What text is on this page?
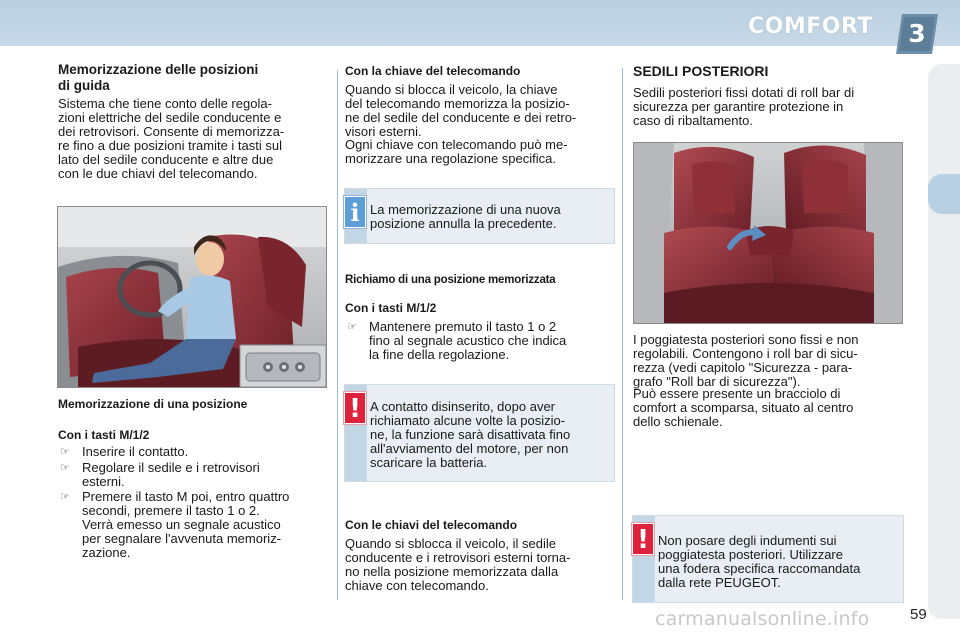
COMFORT	3
Memorizzazione delle posizioni
di guida
Sistema che tiene conto delle regola-
zioni elettriche del sedile conducente e
dei retrovisori. Consente di memorizza-
re fino a due posizioni tramite i tasti sul
lato del sedile conducente e altre due
con le due chiavi del telecomando.
Memorizzazione di una posizione
Con i tasti M/1/2
☞ Inserire il contatto.
☞ Regolare il sedile e i retrovisori
esterni.
☞ Premere il tasto M poi, entro quattro
secondi, premere il tasto 1 o 2.
Verrà emesso un segnale acustico
per segnalare l'avvenuta memoriz-
zazione.
Con la chiave del telecomando
Quando si blocca il veicolo, la chiave
del telecomando memorizza la posizio-
ne del sedile del conducente e dei retro-
visori esterni.
Ogni chiave con telecomando può me-
morizzare una regolazione specifica.
i La memorizzazione di una nuova
posizione annulla la precedente.
Richiamo di una posizione memorizzata
Con i tasti M/1/2
☞ Mantenere premuto il tasto 1 o 2
fino al segnale acustico che indica
la fine della regolazione.
! A contatto disinserito, dopo aver
richiamato alcune volte la posizio-
ne, la funzione sarà disattivata fino
all'avviamento del motore, per non
scaricare la batteria.
Con le chiavi del telecomando
Quando si sblocca il veicolo, il sedile
conducente e i retrovisori esterni torna-
no nella posizione memorizzata dalla
chiave con telecomando.
SEDILI POSTERIORI
Sedili posteriori fissi dotati di roll bar di
sicurezza per garantire protezione in
caso di ribaltamento.
I poggiatesta posteriori sono fissi e non
regolabili. Contengono i roll bar di sicu-
rezza (vedi capitolo "Sicurezza - para-
grafo "Roll bar di sicurezza").
Può essere presente un bracciolo di
comfort a scomparsa, situato al centro
dello schienale.
! Non posare degli indumenti sui
poggiatesta posteriori. Utilizzare
una fodera specifica raccomandata
dalla rete PEUGEOT.
carmanualsonline.info	59
